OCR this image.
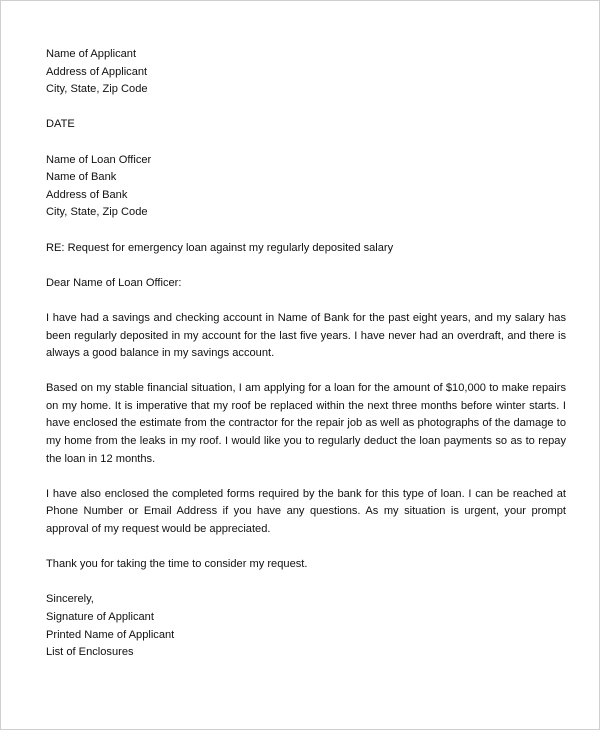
Name of Applicant
Address of Applicant
City, State, Zip Code
DATE
Name of Loan Officer
Name of Bank
Address of Bank
City, State, Zip Code
RE: Request for emergency loan against my regularly deposited salary
Dear Name of Loan Officer:

I have had a savings and checking account in Name of Bank for the past eight years, and my salary has been regularly deposited in my account for the last five years. I have never had an overdraft, and there is always a good balance in my savings account.

Based on my stable financial situation, I am applying for a loan for the amount of $10,000 to make repairs on my home. It is imperative that my roof be replaced within the next three months before winter starts. I have enclosed the estimate from the contractor for the repair job as well as photographs of the damage to my home from the leaks in my roof. I would like you to regularly deduct the loan payments so as to repay the loan in 12 months.

I have also enclosed the completed forms required by the bank for this type of loan. I can be reached at Phone Number or Email Address if you have any questions. As my situation is urgent, your prompt approval of my request would be appreciated.

Thank you for taking the time to consider my request.

Sincerely,
Signature of Applicant
Printed Name of Applicant
List of Enclosures
